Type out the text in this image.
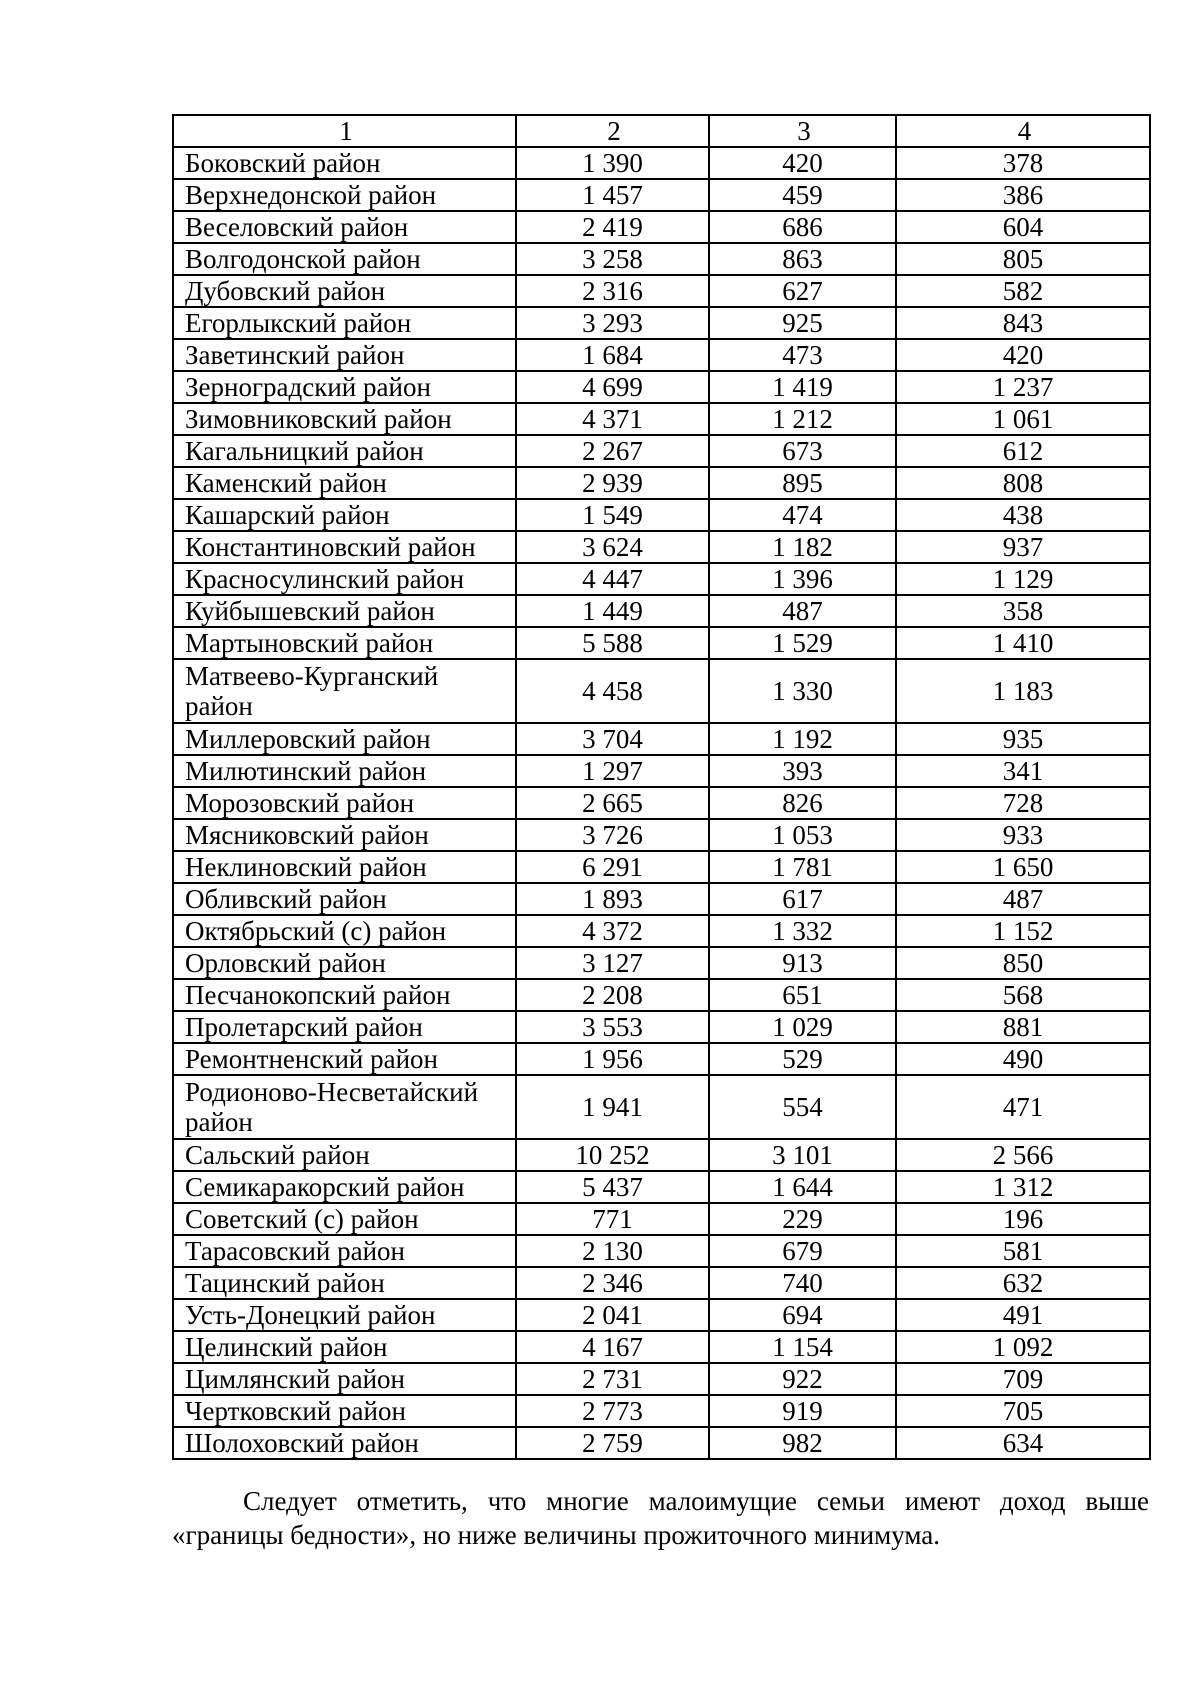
1	2	3	4
Боковский район	1 390	420	378
Верхнедонской район	1 457	459	386
Веселовский район	2 419	686	604
Волгодонской район	3 258	863	805
Дубовский район	2 316	627	582
Егорлыкский район	3 293	925	843
Заветинский район	1 684	473	420
Зерноградский район	4 699	1 419	1 237
Зимовниковский район	4 371	1 212	1 061
Кагальницкий район	2 267	673	612
Каменский район	2 939	895	808
Кашарский район	1 549	474	438
Константиновский район	3 624	1 182	937
Красносулинский район	4 447	1 396	1 129
Куйбышевский район	1 449	487	358
Мартыновский район	5 588	1 529	1 410
Матвеево-Курганский район	4 458	1 330	1 183
Миллеровский район	3 704	1 192	935
Милютинский район	1 297	393	341
Морозовский район	2 665	826	728
Мясниковский район	3 726	1 053	933
Неклиновский район	6 291	1 781	1 650
Обливский район	1 893	617	487
Октябрьский (с) район	4 372	1 332	1 152
Орловский район	3 127	913	850
Песчанокопский район	2 208	651	568
Пролетарский район	3 553	1 029	881
Ремонтненский район	1 956	529	490
Родионово-Несветайский район	1 941	554	471
Сальский район	10 252	3 101	2 566
Семикаракорский район	5 437	1 644	1 312
Советский (с) район	771	229	196
Тарасовский район	2 130	679	581
Тацинский район	2 346	740	632
Усть-Донецкий район	2 041	694	491
Целинский район	4 167	1 154	1 092
Цимлянский район	2 731	922	709
Чертковский район	2 773	919	705
Шолоховский район	2 759	982	634

Следует отметить, что многие малоимущие семьи имеют доход выше «границы бедности», но ниже величины прожиточного минимума.
